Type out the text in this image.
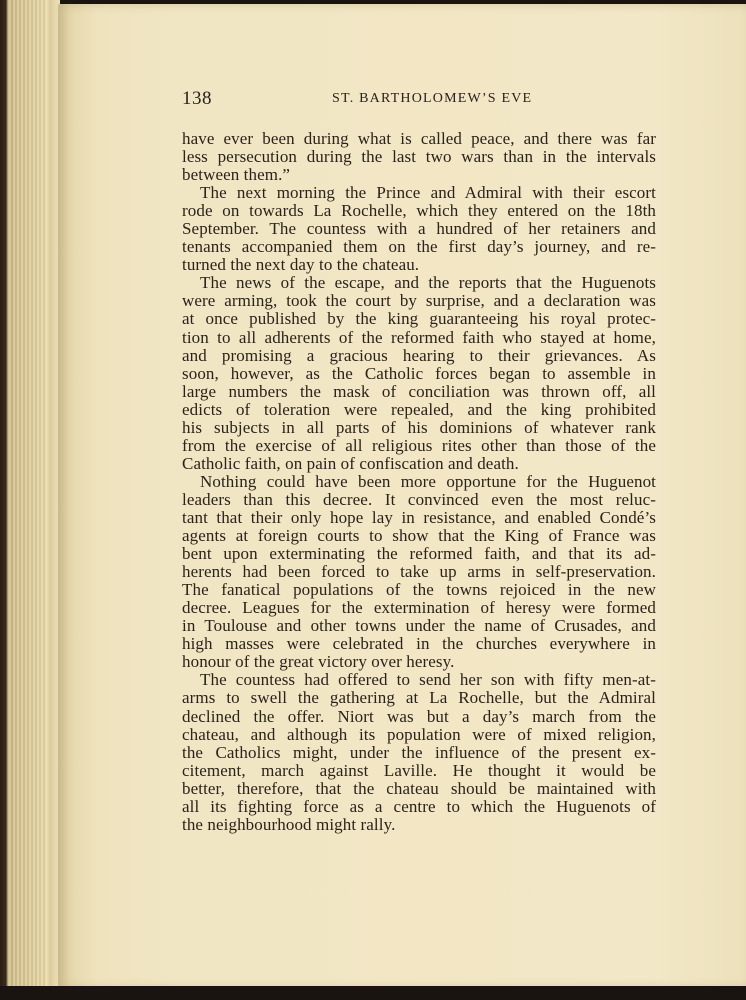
138	ST. BARTHOLOMEW’S EVE
have ever been during what is called peace, and there was far
less persecution during the last two wars than in the intervals
between them.”
The next morning the Prince and Admiral with their escort
rode on towards La Rochelle, which they entered on the 18th
September. The countess with a hundred of her retainers and
tenants accompanied them on the first day’s journey, and re-
turned the next day to the chateau.
The news of the escape, and the reports that the Huguenots
were arming, took the court by surprise, and a declaration was
at once published by the king guaranteeing his royal protec-
tion to all adherents of the reformed faith who stayed at home,
and promising a gracious hearing to their grievances. As
soon, however, as the Catholic forces began to assemble in
large numbers the mask of conciliation was thrown off, all
edicts of toleration were repealed, and the king prohibited
his subjects in all parts of his dominions of whatever rank
from the exercise of all religious rites other than those of the
Catholic faith, on pain of confiscation and death.
Nothing could have been more opportune for the Huguenot
leaders than this decree. It convinced even the most reluc-
tant that their only hope lay in resistance, and enabled Condé’s
agents at foreign courts to show that the King of France was
bent upon exterminating the reformed faith, and that its ad-
herents had been forced to take up arms in self-preservation.
The fanatical populations of the towns rejoiced in the new
decree. Leagues for the extermination of heresy were formed
in Toulouse and other towns under the name of Crusades, and
high masses were celebrated in the churches everywhere in
honour of the great victory over heresy.
The countess had offered to send her son with fifty men-at-
arms to swell the gathering at La Rochelle, but the Admiral
declined the offer. Niort was but a day’s march from the
chateau, and although its population were of mixed religion,
the Catholics might, under the influence of the present ex-
citement, march against Laville. He thought it would be
better, therefore, that the chateau should be maintained with
all its fighting force as a centre to which the Huguenots of
the neighbourhood might rally.
